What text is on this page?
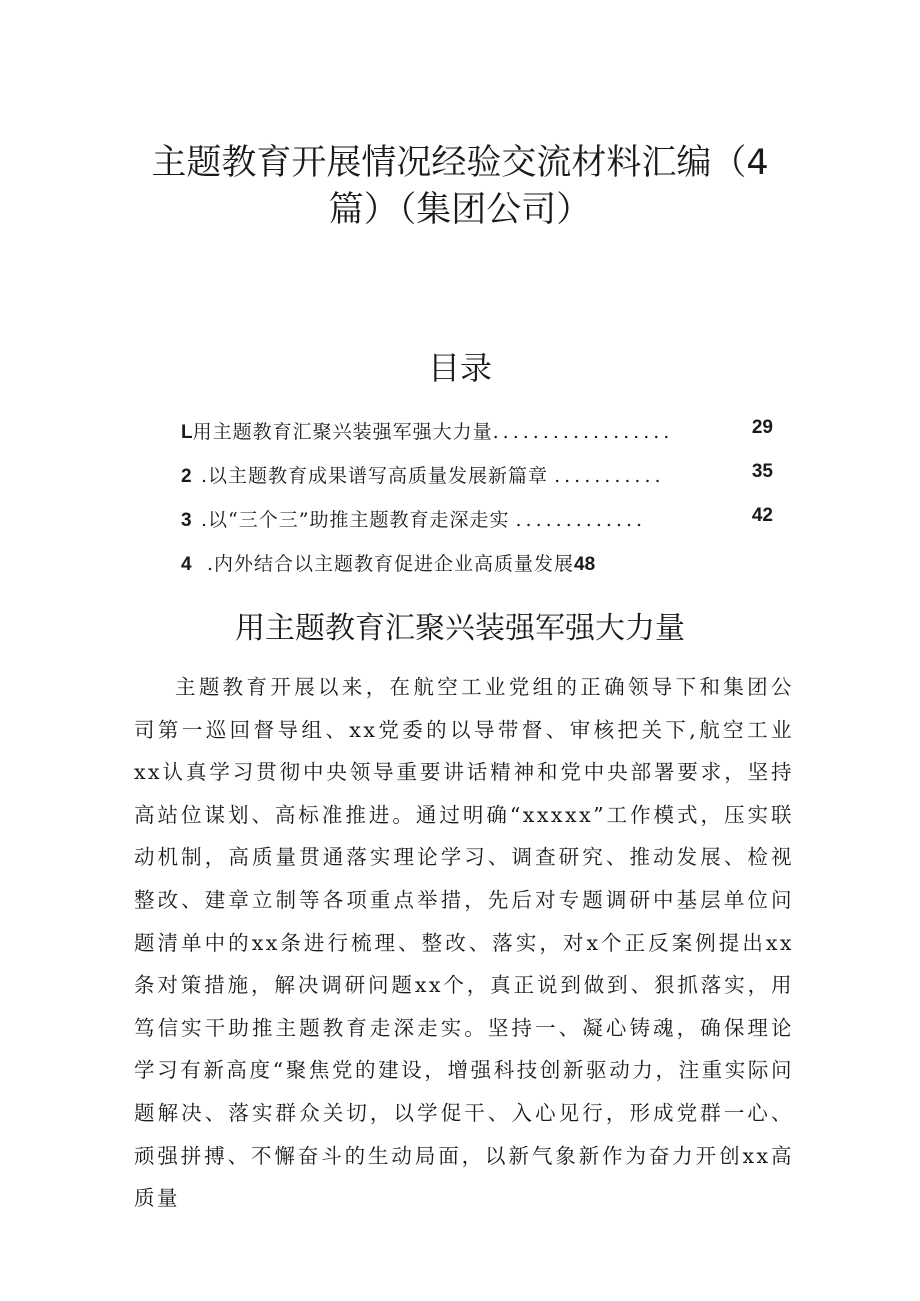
主题教育开展情况经验交流材料汇编（4
篇）（集团公司）
目录
L用主题教育汇聚兴装强军强大力量..................	29
2 .以主题教育成果谱写高质量发展新篇章 ...........	35
3 .以“三个三”助推主题教育走深走实 .............	42
4 .内外结合以主题教育促进企业高质量发展48
用主题教育汇聚兴装强军强大力量

主题教育开展以来，在航空工业党组的正确领导下和集团公司第一巡回督导组、xx党委的以导带督、审核把关下,航空工业xx认真学习贯彻中央领导重要讲话精神和党中央部署要求，坚持高站位谋划、高标准推进。通过明确“xxxxx”工作模式，压实联动机制，高质量贯通落实理论学习、调查研究、推动发展、检视整改、建章立制等各项重点举措，先后对专题调研中基层单位问题清单中的xx条进行梳理、整改、落实，对x个正反案例提出xx条对策措施，解决调研问题xx个，真正说到做到、狠抓落实，用笃信实干助推主题教育走深走实。坚持一、凝心铸魂，确保理论学习有新高度“聚焦党的建设，增强科技创新驱动力，注重实际问题解决、落实群众关切，以学促干、入心见行，形成党群一心、顽强拼搏、不懈奋斗的生动局面，以新气象新作为奋力开创xx高质量
